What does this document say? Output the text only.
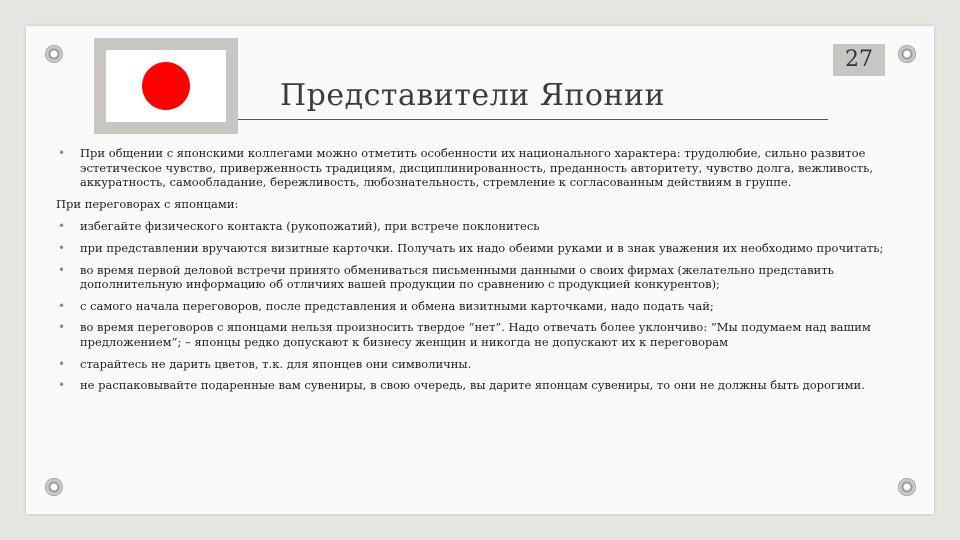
Представители Японии
27
• При общении с японскими коллегами можно отметить особенности их национального характера: трудолюбие, сильно развитое эстетическое чувство, приверженность традициям, дисциплинированность, преданность авторитету, чувство долга, вежливость, аккуратность, самообладание, бережливость, любознательность, стремление к согласованным действиям в группе.
При переговорах с японцами:
• избегайте физического контакта (рукопожатий), при встрече поклонитесь
• при представлении вручаются визитные карточки. Получать их надо обеими руками и в знак уважения их необходимо прочитать;
• во время первой деловой встречи принято обмениваться письменными данными о своих фирмах (желательно представить дополнительную информацию об отличиях вашей продукции по сравнению с продукцией конкурентов);
• с самого начала переговоров, после представления и обмена визитными карточками, надо подать чай;
• во время переговоров с японцами нельзя произносить твердое “нет”. Надо отвечать более уклончиво: ”Мы подумаем над вашим предложением”; – японцы редко допускают к бизнесу женщин и никогда не допускают их к переговорам
• старайтесь не дарить цветов, т.к. для японцев они символичны.
• не распаковывайте подаренные вам сувениры, в свою очередь, вы дарите японцам сувениры, то они не должны быть дорогими.
